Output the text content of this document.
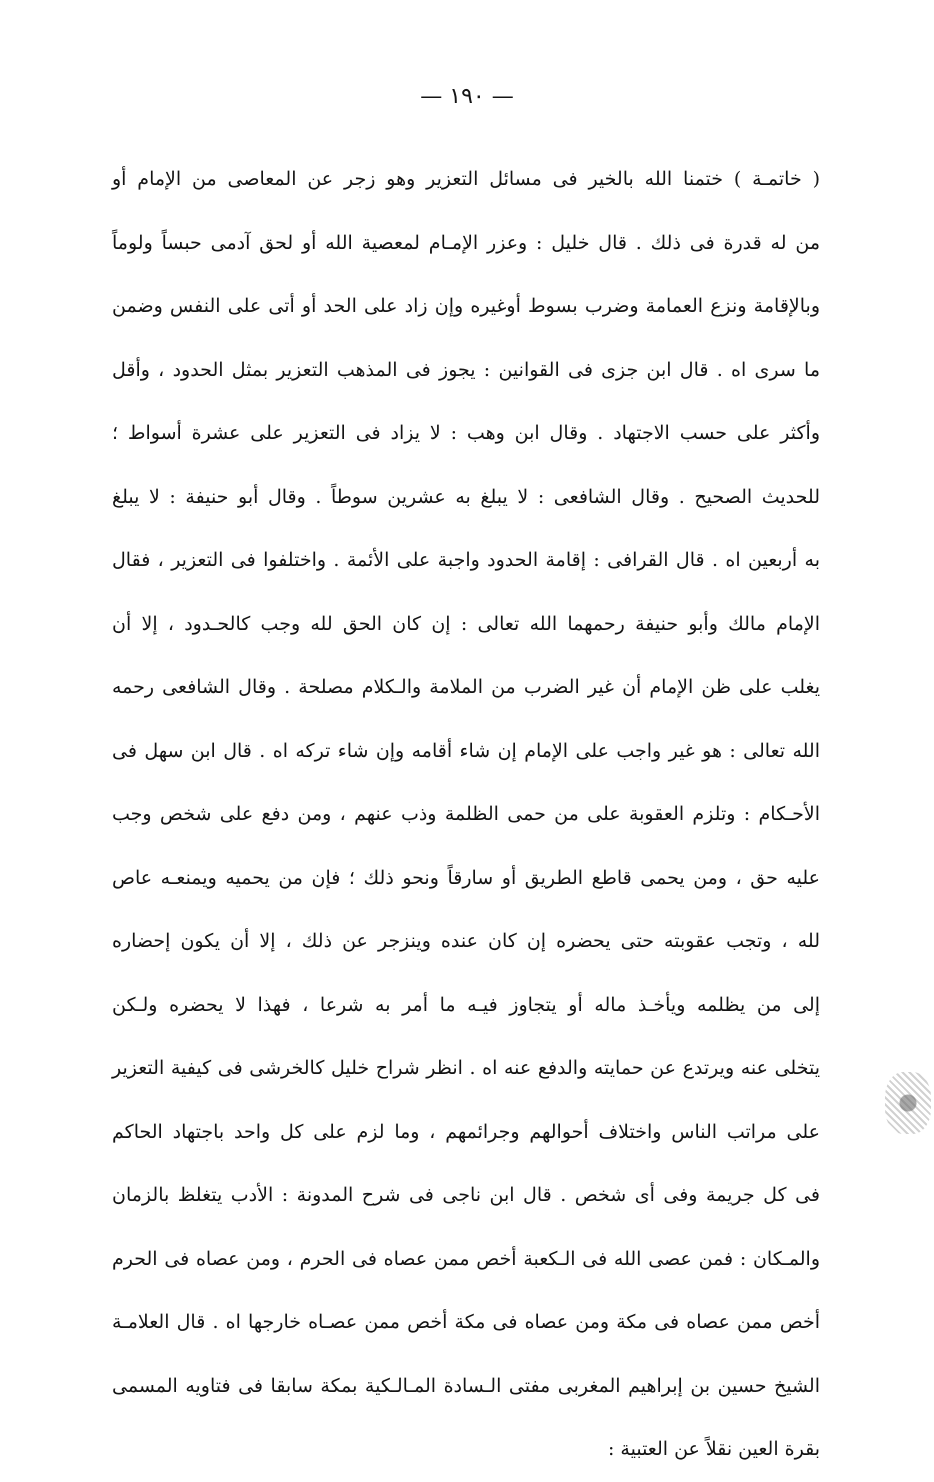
— ١٩٠ —
( خاتمـة ) ختمنا الله بالخير فى مسائل التعزير وهو زجر عن المعاصى من الإمام أو
من له قدرة فى ذلك . قال خليل : وعزر الإمـام لمعصية الله أو لحق آدمى حبساً ولوماً
وبالإقامة ونزع العمامة وضرب بسوط أوغيره وإن زاد على الحد أو أتى على النفس وضمن
ما سرى اه . قال ابن جزى فى القوانين : يجوز فى المذهب التعزير بمثل الحدود ، وأقل
وأكثر على حسب الاجتهاد . وقال ابن وهب : لا يزاد فى التعزير على عشرة أسواط ؛
للحديث الصحيح . وقال الشافعى : لا يبلغ به عشرين سوطاً . وقال أبو حنيفة : لا يبلغ
به أربعين اه . قال القرافى : إقامة الحدود واجبة على الأئمة . واختلفوا فى التعزير ، فقال
الإمام مالك وأبو حنيفة رحمهما الله تعالى : إن كان الحق لله وجب كالحـدود ، إلا أن
يغلب على ظن الإمام أن غير الضرب من الملامة والـكلام مصلحة . وقال الشافعى رحمه
الله تعالى : هو غير واجب على الإمام إن شاء أقامه وإن شاء تركه اه . قال ابن سهل فى
الأحـكام : وتلزم العقوبة على من حمى الظلمة وذب عنهم ، ومن دفع على شخص وجب
عليه حق ، ومن يحمى قاطع الطريق أو سارقاً ونحو ذلك ؛ فإن من يحميه ويمنعـه عاص
لله ، وتجب عقوبته حتى يحضره إن كان عنده وينزجر عن ذلك ، إلا أن يكون إحضاره
إلى من يظلمه ويأخـذ ماله أو يتجاوز فيـه ما أمر به شرعا ، فهذا لا يحضره ولـكن
يتخلى عنه ويرتدع عن حمايته والدفع عنه اه . انظر شراح خليل كالخرشى فى كيفية التعزير
على مراتب الناس واختلاف أحوالهم وجرائمهم ، وما لزم على كل واحد باجتهاد الحاكم
فى كل جريمة وفى أى شخص . قال ابن ناجى فى شرح المدونة : الأدب يتغلظ بالزمان
والمـكان : فمن عصى الله فى الـكعبة أخص ممن عصاه فى الحرم ، ومن عصاه فى الحرم
أخص ممن عصاه فى مكة ومن عصاه فى مكة أخص ممن عصـاه خارجها اه . قال العلامـة
الشيخ حسين بن إبراهيم المغربى مفتى الـسادة المـالـكية بمكة سابقا فى فتاويه المسمى
بقرة العين نقلاً عن العتبية :
